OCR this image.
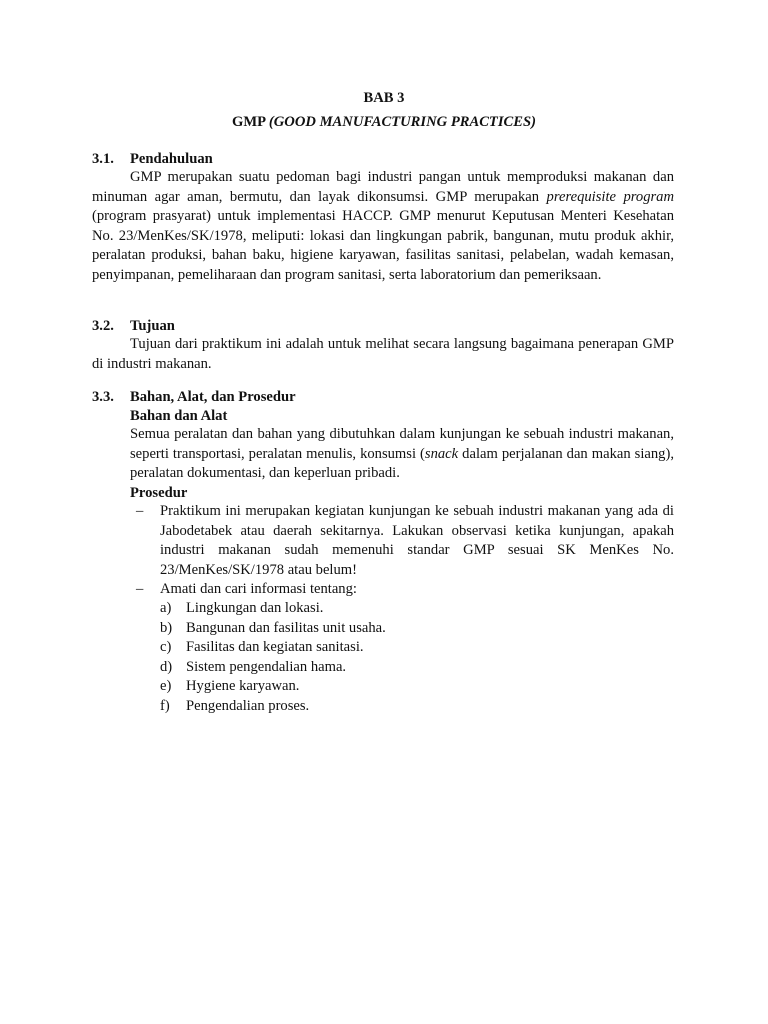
BAB 3
GMP (GOOD MANUFACTURING PRACTICES)
3.1. Pendahuluan

GMP merupakan suatu pedoman bagi industri pangan untuk memproduksi makanan dan minuman agar aman, bermutu, dan layak dikonsumsi. GMP merupakan prerequisite program (program prasyarat) untuk implementasi HACCP. GMP menurut Keputusan Menteri Kesehatan No. 23/MenKes/SK/1978, meliputi: lokasi dan lingkungan pabrik, bangunan, mutu produk akhir, peralatan produksi, bahan baku, higiene karyawan, fasilitas sanitasi, pelabelan, wadah kemasan, penyimpanan, pemeliharaan dan program sanitasi, serta laboratorium dan pemeriksaan.

3.2. Tujuan

Tujuan dari praktikum ini adalah untuk melihat secara langsung bagaimana penerapan GMP di industri makanan.

3.3. Bahan, Alat, dan Prosedur
Bahan dan Alat

Semua peralatan dan bahan yang dibutuhkan dalam kunjungan ke sebuah industri makanan, seperti transportasi, peralatan menulis, konsumsi (snack dalam perjalanan dan makan siang), peralatan dokumentasi, dan keperluan pribadi.

Prosedur
– Praktikum ini merupakan kegiatan kunjungan ke sebuah industri makanan yang ada di Jabodetabek atau daerah sekitarnya. Lakukan observasi ketika kunjungan, apakah industri makanan sudah memenuhi standar GMP sesuai SK MenKes No. 23/MenKes/SK/1978 atau belum!
– Amati dan cari informasi tentang:
a) Lingkungan dan lokasi.
b) Bangunan dan fasilitas unit usaha.
c) Fasilitas dan kegiatan sanitasi.
d) Sistem pengendalian hama.
e) Hygiene karyawan.
f) Pengendalian proses.
